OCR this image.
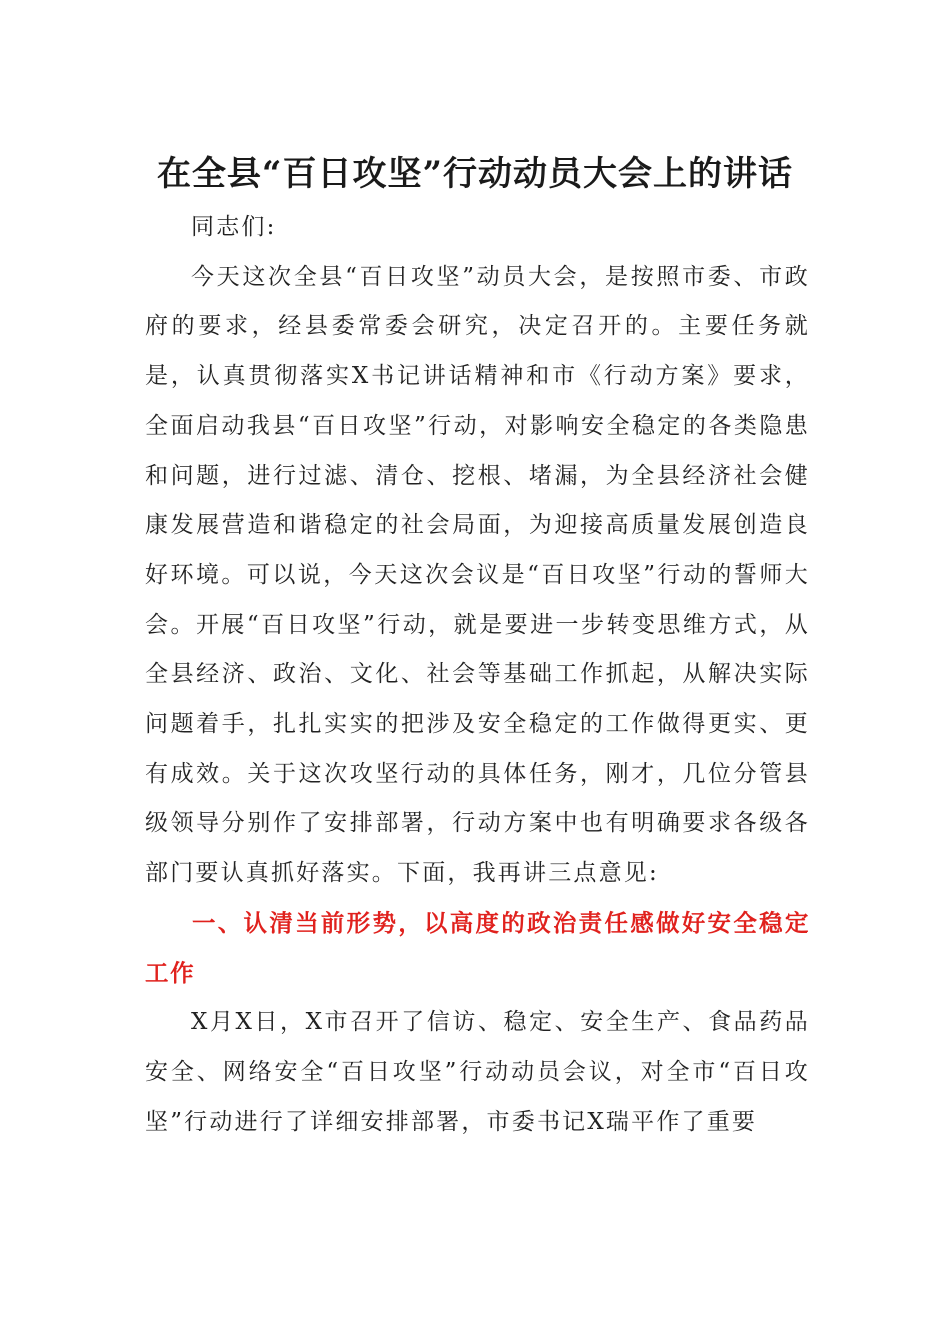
在全县“百日攻坚”行动动员大会上的讲话

同志们:

今天这次全县“百日攻坚”动员大会，是按照市委、市政府的要求，经县委常委会研究，决定召开的。主要任务就是，认真贯彻落实X书记讲话精神和市《行动方案》要求，全面启动我县“百日攻坚”行动，对影响安全稳定的各类隐患和问题，进行过滤、清仓、挖根、堵漏，为全县经济社会健康发展营造和谐稳定的社会局面，为迎接高质量发展创造良好环境。可以说，今天这次会议是“百日攻坚”行动的誓师大会。开展“百日攻坚”行动，就是要进一步转变思维方式，从全县经济、政治、文化、社会等基础工作抓起，从解决实际问题着手，扎扎实实的把涉及安全稳定的工作做得更实、更有成效。关于这次攻坚行动的具体任务，刚才，几位分管县级领导分别作了安排部署，行动方案中也有明确要求各级各部门要认真抓好落实。下面，我再讲三点意见:

一、认清当前形势，以高度的政治责任感做好安全稳定工作

X月X日，X市召开了信访、稳定、安全生产、食品药品安全、网络安全“百日攻坚”行动动员会议，对全市“百日攻坚”行动进行了详细安排部署，市委书记X瑞平作了重要
